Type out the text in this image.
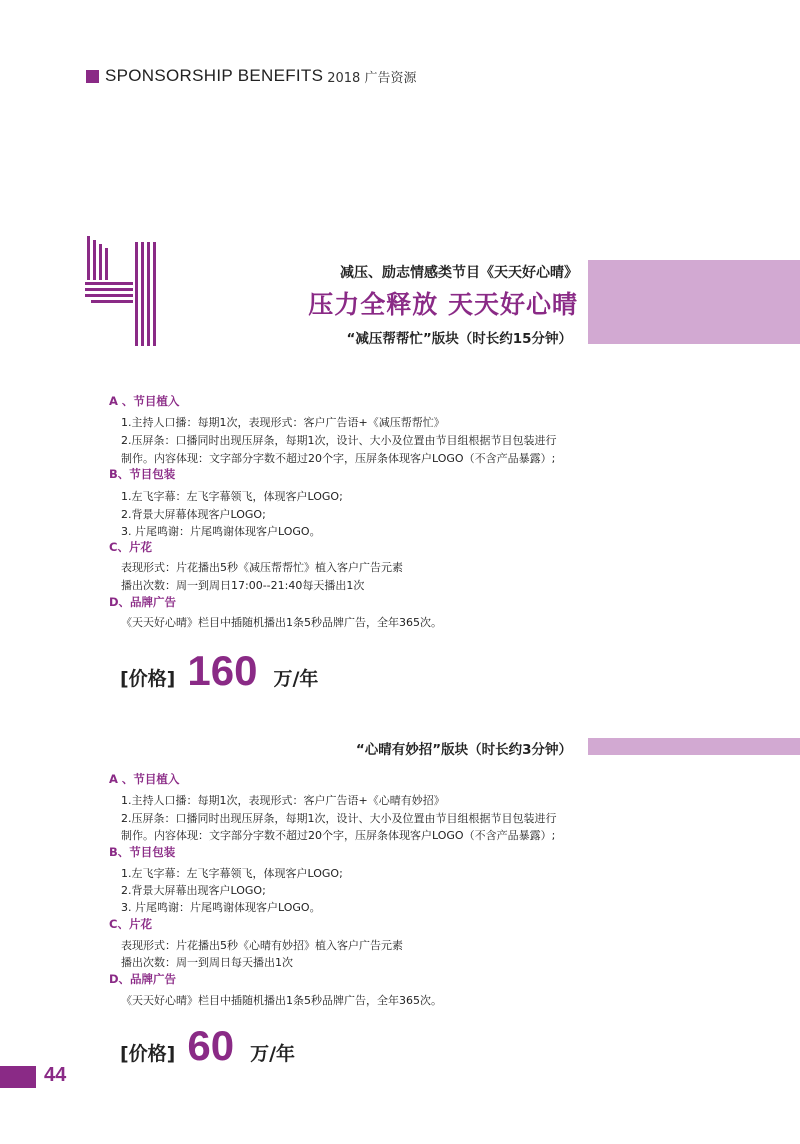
SPONSORSHIP BENEFITS 2018 广告资源
减压、励志情感类节目《天天好心晴》
压力全释放 天天好心晴
“减压帮帮忙”版块（时长约15分钟）
A 、节目植入
1.主持人口播：每期1次，表现形式：客户广告语+《减压帮帮忙》
2.压屏条：口播同时出现压屏条，每期1次，设计、大小及位置由节目组根据节目包装进行
制作。内容体现：文字部分字数不超过20个字，压屏条体现客户LOGO（不含产品暴露）;
B、节目包装
1.左飞字幕：左飞字幕领飞，体现客户LOGO;
2.背景大屏幕体现客户LOGO;
3. 片尾鸣谢：片尾鸣谢体现客户LOGO。
C、片花
表现形式：片花播出5秒《减压帮帮忙》植入客户广告元素
播出次数：周一到周日17:00--21:40每天播出1次
D、品牌广告
《天天好心晴》栏目中插随机播出1条5秒品牌广告，全年365次。
[价格] 160 万/年
“心晴有妙招”版块（时长约3分钟）
A 、节目植入
1.主持人口播：每期1次，表现形式：客户广告语+《心晴有妙招》
2.压屏条：口播同时出现压屏条，每期1次，设计、大小及位置由节目组根据节目包装进行
制作。内容体现：文字部分字数不超过20个字，压屏条体现客户LOGO（不含产品暴露）;
B、节目包装
1.左飞字幕：左飞字幕领飞，体现客户LOGO;
2.背景大屏幕出现客户LOGO;
3. 片尾鸣谢：片尾鸣谢体现客户LOGO。
C、片花
表现形式：片花播出5秒《心晴有妙招》植入客户广告元素
播出次数：周一到周日每天播出1次
D、品牌广告
《天天好心晴》栏目中插随机播出1条5秒品牌广告，全年365次。
[价格] 60 万/年
44
